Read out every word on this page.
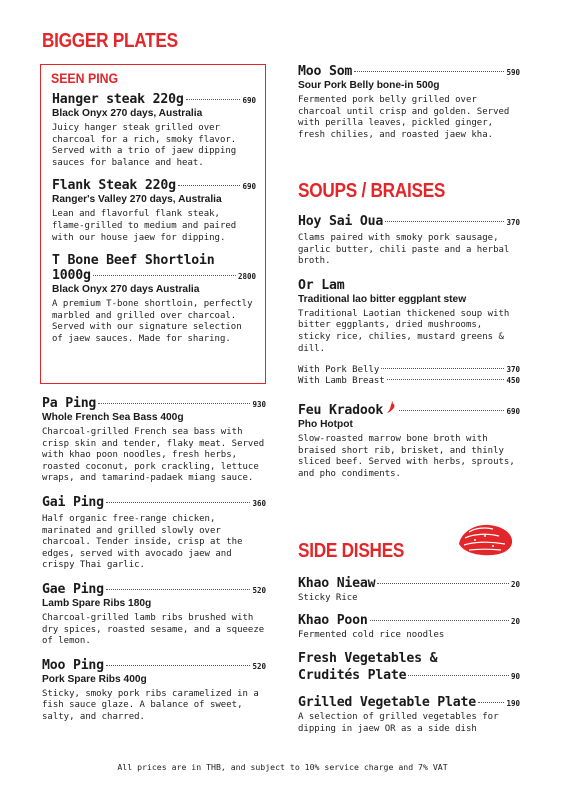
BIGGER PLATES
SEEN PING
Hanger steak 220g	690
Black Onyx 270 days, Australia
Juicy hanger steak grilled over charcoal for a rich, smoky flavor. Served with a trio of jaew dipping sauces for balance and heat.
Flank Steak 220g	690
Ranger's Valley 270 days, Australia
Lean and flavorful flank steak, flame-grilled to medium and paired with our house jaew for dipping.
T Bone Beef Shortloin
1000g	2800
Black Onyx 270 days Australia
A premium T-bone shortloin, perfectly marbled and grilled over charcoal. Served with our signature selection of jaew sauces. Made for sharing.
Pa Ping	930
Whole French Sea Bass 400g
Charcoal-grilled French sea bass with crisp skin and tender, flaky meat. Served with khao poon noodles, fresh herbs, roasted coconut, pork crackling, lettuce wraps, and tamarind-padaek miang sauce.
Gai Ping	360
Half organic free-range chicken, marinated and grilled slowly over charcoal. Tender inside, crisp at the edges, served with avocado jaew and crispy Thai garlic.
Gae Ping	520
Lamb Spare Ribs 180g
Charcoal-grilled lamb ribs brushed with dry spices, roasted sesame, and a squeeze of lemon.
Moo Ping	520
Pork Spare Ribs 400g
Sticky, smoky pork ribs caramelized in a fish sauce glaze. A balance of sweet, salty, and charred.
Moo Som	590
Sour Pork Belly bone-in 500g
Fermented pork belly grilled over charcoal until crisp and golden. Served with perilla leaves, pickled ginger, fresh chilies, and roasted jaew kha.
SOUPS / BRAISES
Hoy Sai Oua	370
Clams paired with smoky pork sausage, garlic butter, chili paste and a herbal broth.
Or Lam
Traditional lao bitter eggplant stew
Traditional Laotian thickened soup with bitter eggplants, dried mushrooms, sticky rice, chilies, mustard greens & dill.
With Pork Belly	370
With Lamb Breast	450
Feu Kradook	690
Pho Hotpot
Slow-roasted marrow bone broth with braised short rib, brisket, and thinly sliced beef. Served with herbs, sprouts, and pho condiments.
SIDE DISHES
Khao Nieaw	20
Sticky Rice
Khao Poon	20
Fermented cold rice noodles
Fresh Vegetables &
Crudités Plate	90
Grilled Vegetable Plate	190
A selection of grilled vegetables for dipping in jaew OR as a side dish
All prices are in THB, and subject to 10% service charge and 7% VAT
